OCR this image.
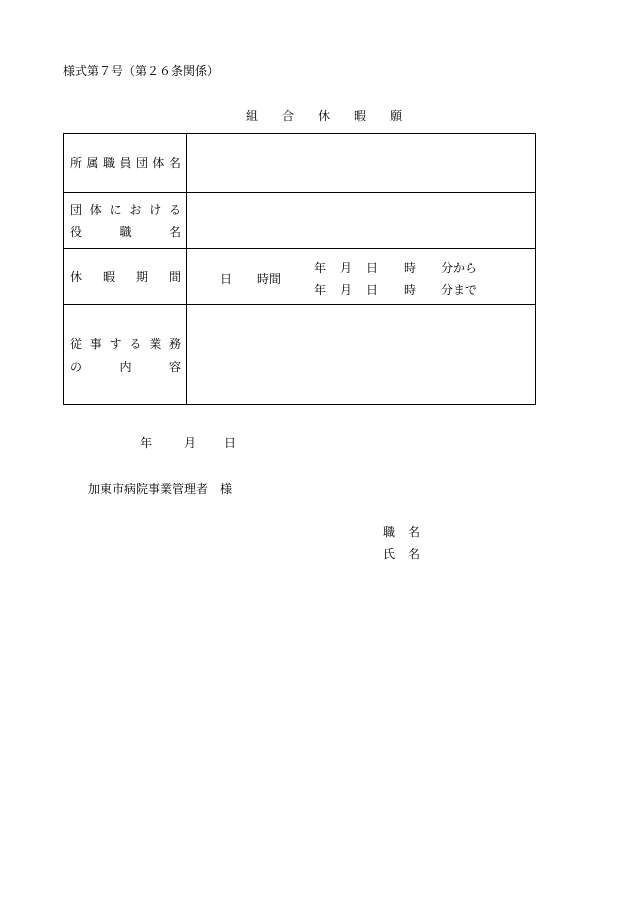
様式第７号（第２６条関係）
組 合 休 暇 願
所 属 職 員 団 体 名
団 体 に お け る
役	職	名
休 暇 期 間	日 時間
年 月 日 時 分から
年 月 日 時 分まで
従 事 す る 業 務
の	内	容
年	月 日
加東市病院事業管理者　様
職 名
氏 名
